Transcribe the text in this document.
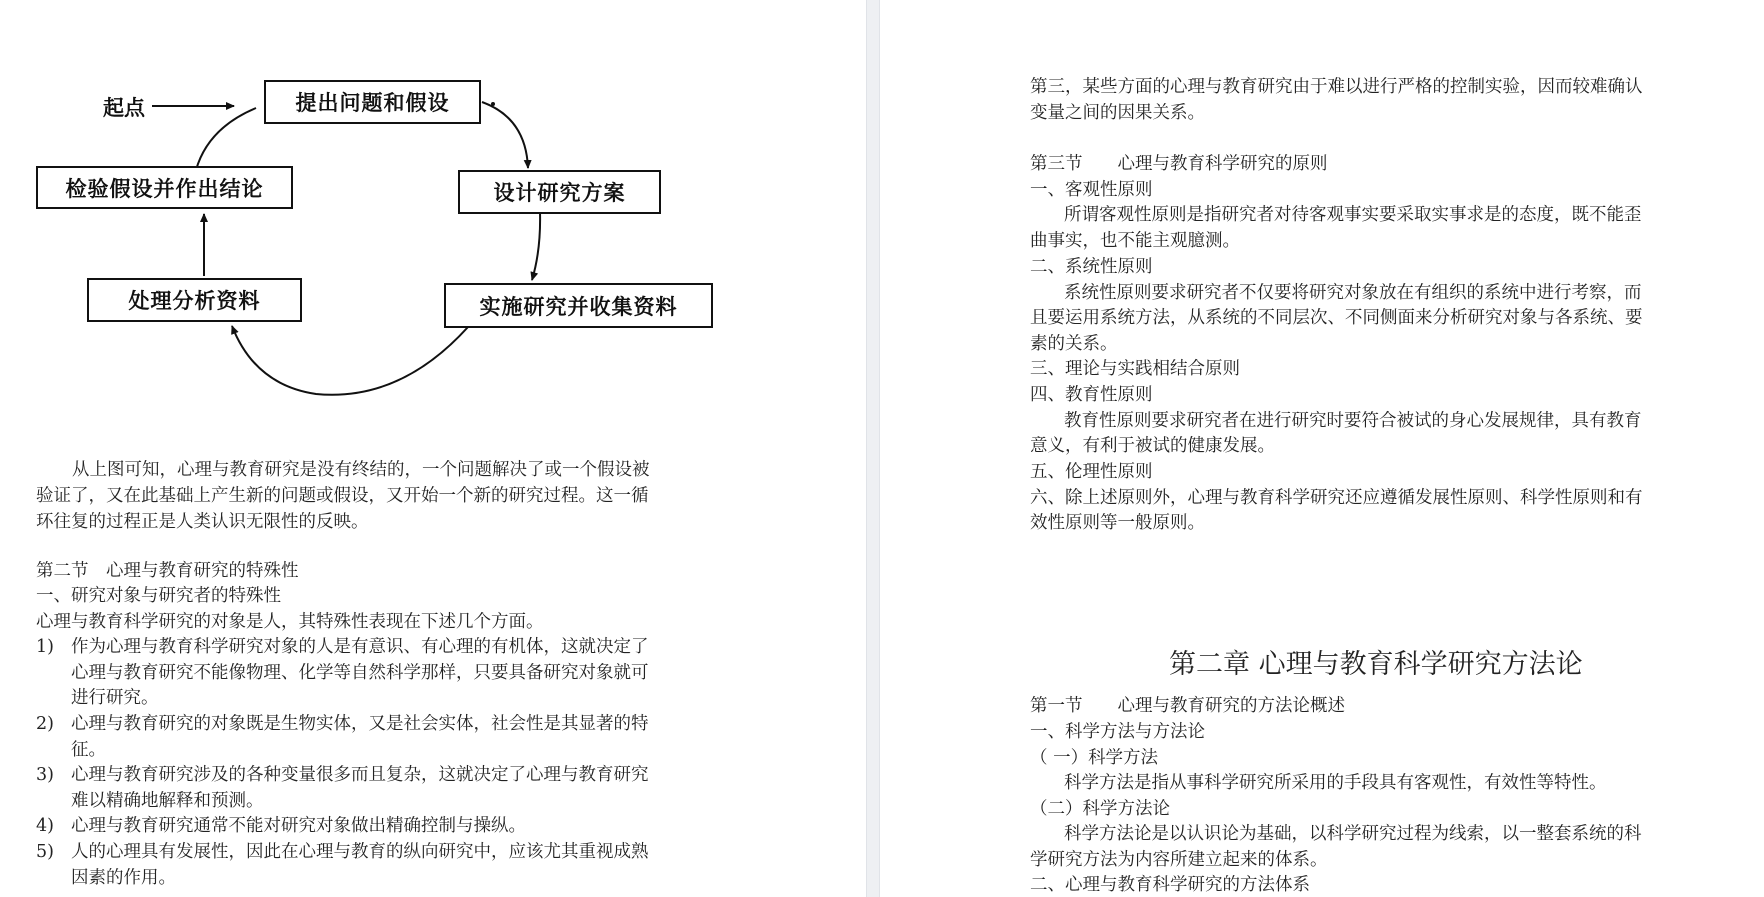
起点	提出问题和假设
设计研究方案
实施研究并收集资料
处理分析资料
检验假设并作出结论
从上图可知，心理与教育研究是没有终结的，一个问题解决了或一个假设被
验证了，又在此基础上产生新的问题或假设，又开始一个新的研究过程。这一循
环往复的过程正是人类认识无限性的反映。
第二节　心理与教育研究的特殊性
一、研究对象与研究者的特殊性
心理与教育科学研究的对象是人，其特殊性表现在下述几个方面。
1) 作为心理与教育科学研究对象的人是有意识、有心理的有机体，这就决定了
心理与教育研究不能像物理、化学等自然科学那样，只要具备研究对象就可
进行研究。
2) 心理与教育研究的对象既是生物实体，又是社会实体，社会性是其显著的特
征。
3) 心理与教育研究涉及的各种变量很多而且复杂，这就决定了心理与教育研究
难以精确地解释和预测。
4) 心理与教育研究通常不能对研究对象做出精确控制与操纵。
5) 人的心理具有发展性，因此在心理与教育的纵向研究中，应该尤其重视成熟
因素的作用。
第三，某些方面的心理与教育研究由于难以进行严格的控制实验，因而较难确认
变量之间的因果关系。
第三节　　心理与教育科学研究的原则
一、客观性原则
所谓客观性原则是指研究者对待客观事实要采取实事求是的态度，既不能歪
曲事实，也不能主观臆测。
二、系统性原则
系统性原则要求研究者不仅要将研究对象放在有组织的系统中进行考察，而
且要运用系统方法，从系统的不同层次、不同侧面来分析研究对象与各系统、要
素的关系。
三、理论与实践相结合原则
四、教育性原则
教育性原则要求研究者在进行研究时要符合被试的身心发展规律，具有教育
意义，有利于被试的健康发展。
五、伦理性原则
六、除上述原则外，心理与教育科学研究还应遵循发展性原则、科学性原则和有
效性原则等一般原则。
第二章 心理与教育科学研究方法论
第一节　　心理与教育研究的方法论概述
一、科学方法与方法论
（ 一）科学方法
科学方法是指从事科学研究所采用的手段具有客观性，有效性等特性。
（二）科学方法论
科学方法论是以认识论为基础，以科学研究过程为线索，以一整套系统的科
学研究方法为内容所建立起来的体系。
二、心理与教育科学研究的方法体系
